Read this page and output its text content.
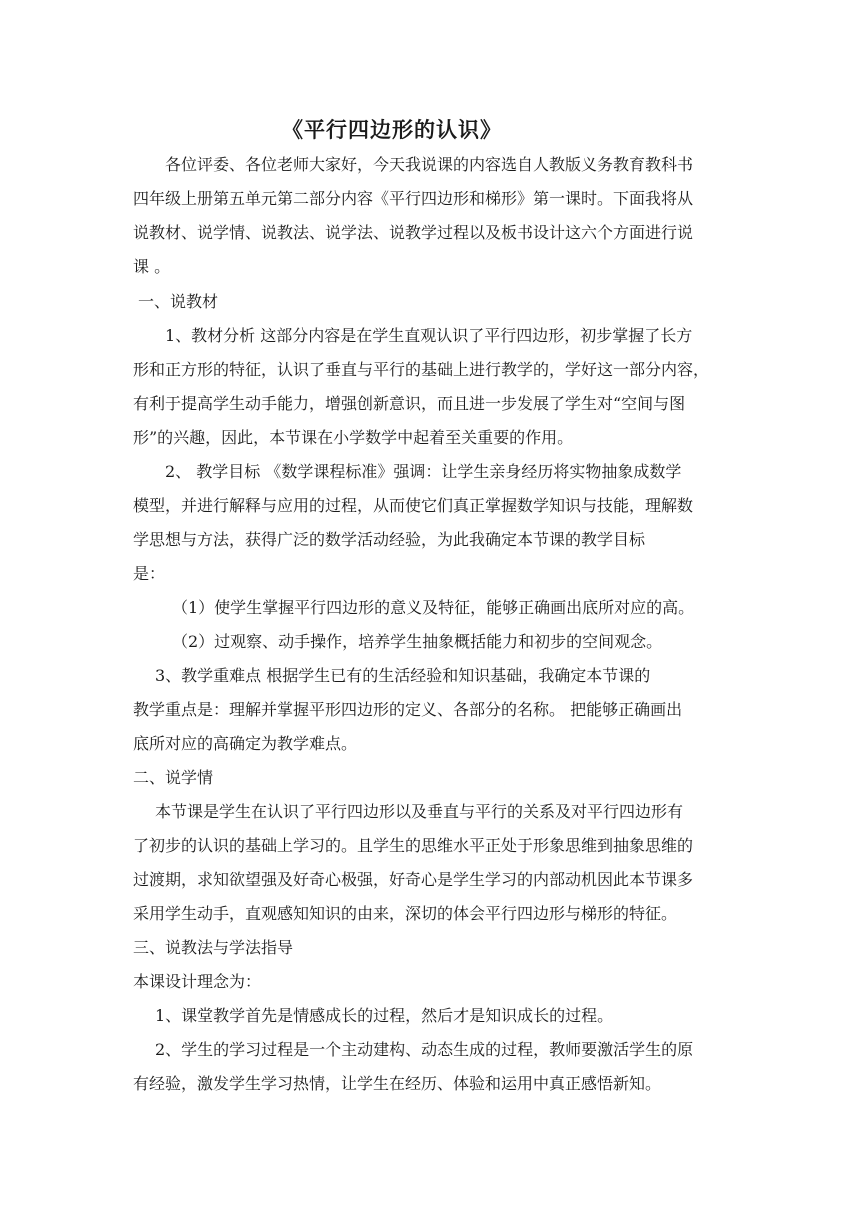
《平行四边形的认识》
各位评委、各位老师大家好，今天我说课的内容选自人教版义务教育教科书
四年级上册第五单元第二部分内容《平行四边形和梯形》第一课时。下面我将从
说教材、说学情、说教法、说学法、说教学过程以及板书设计这六个方面进行说
课 。
一、说教材
1、教材分析 这部分内容是在学生直观认识了平行四边形，初步掌握了长方
形和正方形的特征，认识了垂直与平行的基础上进行教学的，学好这一部分内容，
有利于提高学生动手能力，增强创新意识，而且进一步发展了学生对“空间与图
形”的兴趣，因此，本节课在小学数学中起着至关重要的作用。
2、 教学目标 《数学课程标准》强调：让学生亲身经历将实物抽象成数学
模型，并进行解释与应用的过程，从而使它们真正掌握数学知识与技能，理解数
学思想与方法，获得广泛的数学活动经验，为此我确定本节课的教学目标
是：
（1）使学生掌握平行四边形的意义及特征，能够正确画出底所对应的高。
（2）过观察、动手操作，培养学生抽象概括能力和初步的空间观念。
3、教学重难点 根据学生已有的生活经验和知识基础，我确定本节课的
教学重点是：理解并掌握平形四边形的定义、各部分的名称。 把能够正确画出
底所对应的高确定为教学难点。
二、说学情
本节课是学生在认识了平行四边形以及垂直与平行的关系及对平行四边形有
了初步的认识的基础上学习的。且学生的思维水平正处于形象思维到抽象思维的
过渡期，求知欲望强及好奇心极强，好奇心是学生学习的内部动机因此本节课多
采用学生动手，直观感知知识的由来，深切的体会平行四边形与梯形的特征。
三、说教法与学法指导
本课设计理念为：
1、课堂教学首先是情感成长的过程，然后才是知识成长的过程。
2、学生的学习过程是一个主动建构、动态生成的过程，教师要激活学生的原
有经验，激发学生学习热情，让学生在经历、体验和运用中真正感悟新知。
